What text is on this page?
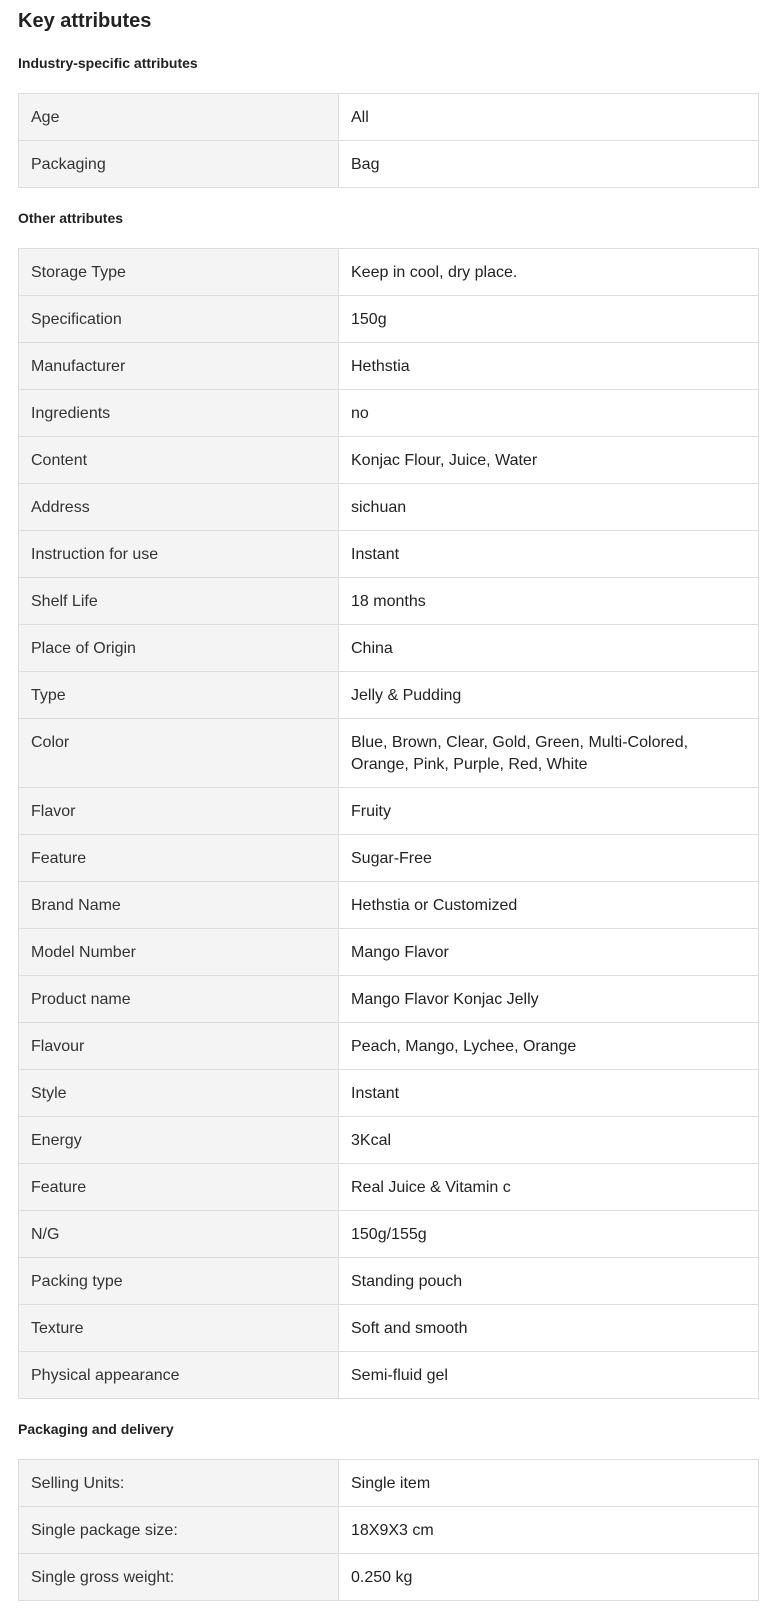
Key attributes
Industry-specific attributes
Age	All
Packaging	Bag
Other attributes
Storage Type	Keep in cool, dry place.
Specification	150g
Manufacturer	Hethstia
Ingredients	no
Content	Konjac Flour, Juice, Water
Address	sichuan
Instruction for use	Instant
Shelf Life	18 months
Place of Origin	China
Type	Jelly & Pudding
Color	Blue, Brown, Clear, Gold, Green, Multi-Colored, Orange, Pink, Purple, Red, White
Flavor	Fruity
Feature	Sugar-Free
Brand Name	Hethstia or Customized
Model Number	Mango Flavor
Product name	Mango Flavor Konjac Jelly
Flavour	Peach, Mango, Lychee, Orange
Style	Instant
Energy	3Kcal
Feature	Real Juice & Vitamin c
N/G	150g/155g
Packing type	Standing pouch
Texture	Soft and smooth
Physical appearance	Semi-fluid gel
Packaging and delivery
Selling Units:	Single item
Single package size:	18X9X3 cm
Single gross weight:	0.250 kg
